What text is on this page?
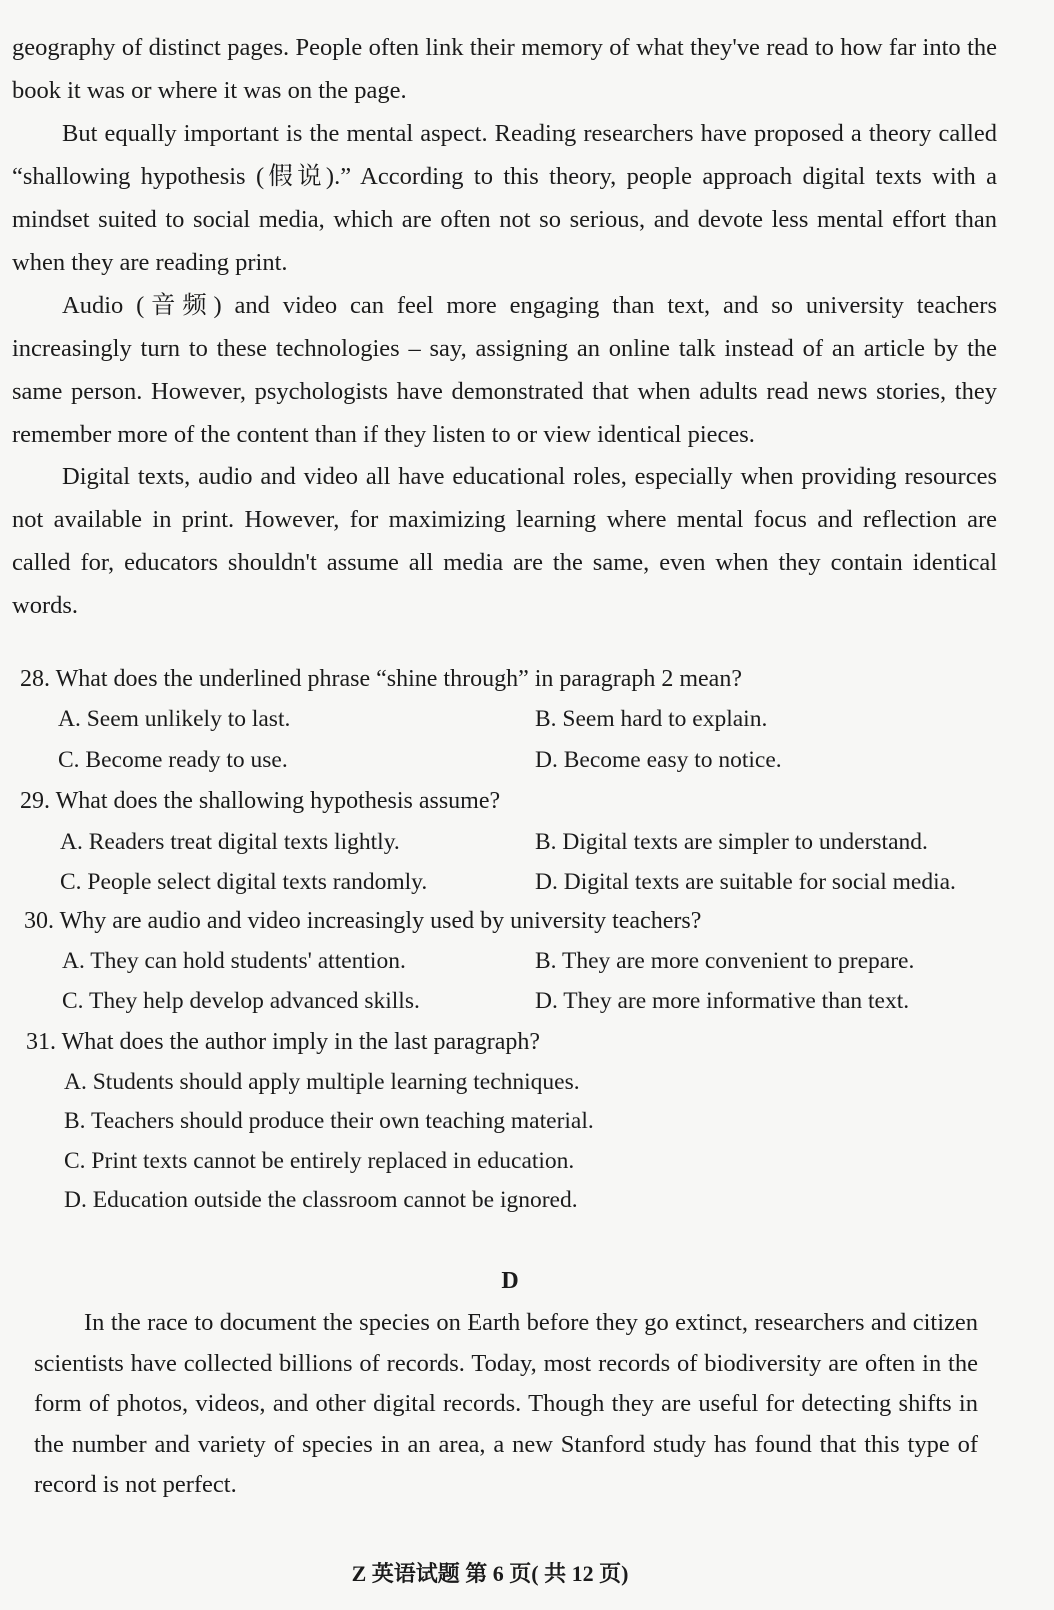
geography of distinct pages. People often link their memory of what they've read to how far into the book it was or where it was on the page.

But equally important is the mental aspect. Reading researchers have proposed a theory called “shallowing hypothesis (假说).” According to this theory, people approach digital texts with a mindset suited to social media, which are often not so serious, and devote less mental effort than when they are reading print.

Audio (音频) and video can feel more engaging than text, and so university teachers increasingly turn to these technologies – say, assigning an online talk instead of an article by the same person. However, psychologists have demonstrated that when adults read news stories, they remember more of the content than if they listen to or view identical pieces.

Digital texts, audio and video all have educational roles, especially when providing resources not available in print. However, for maximizing learning where mental focus and reflection are called for, educators shouldn't assume all media are the same, even when they contain identical words.

28. What does the underlined phrase “shine through” in paragraph 2 mean?

A. Seem unlikely to last.	B. Seem hard to explain.

C. Become ready to use.	D. Become easy to notice.

29. What does the shallowing hypothesis assume?

A. Readers treat digital texts lightly.	B. Digital texts are simpler to understand.

C. People select digital texts randomly.	D. Digital texts are suitable for social media.

30. Why are audio and video increasingly used by university teachers?

A. They can hold students' attention.	B. They are more convenient to prepare.

C. They help develop advanced skills.	D. They are more informative than text.

31. What does the author imply in the last paragraph?

A. Students should apply multiple learning techniques.

B. Teachers should produce their own teaching material.

C. Print texts cannot be entirely replaced in education.

D. Education outside the classroom cannot be ignored.

D

In the race to document the species on Earth before they go extinct, researchers and citizen scientists have collected billions of records. Today, most records of biodiversity are often in the form of photos, videos, and other digital records. Though they are useful for detecting shifts in the number and variety of species in an area, a new Stanford study has found that this type of record is not perfect.

Z 英语试题 第 6 页( 共 12 页)
